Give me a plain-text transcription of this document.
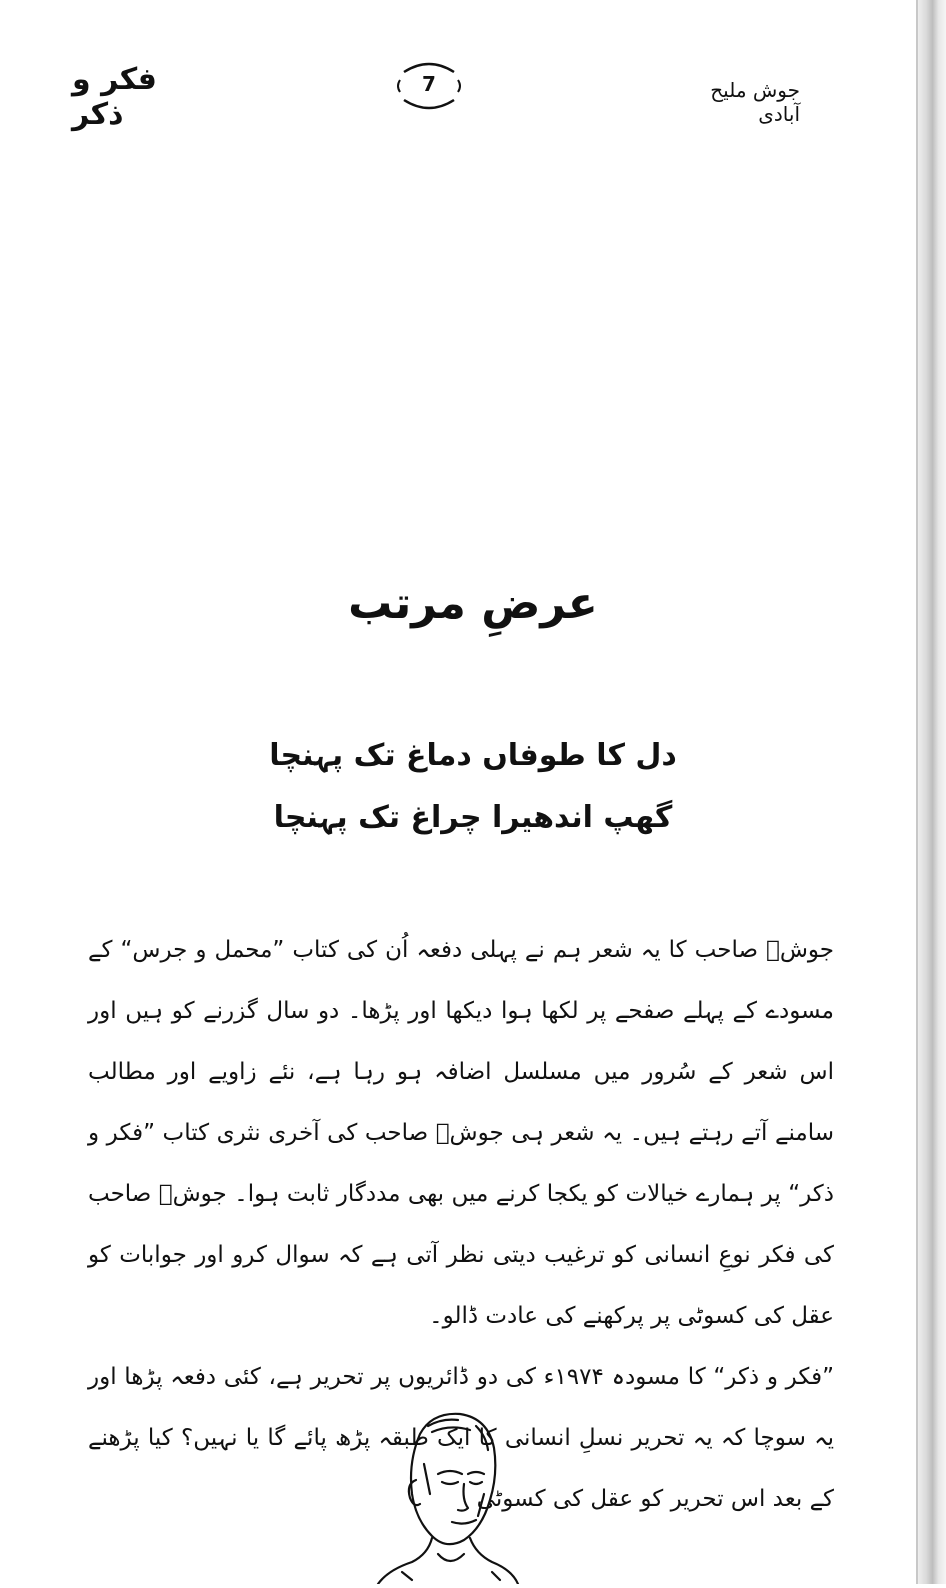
فکر و ذکر
7	جوش ملیح آبادی
عرضِ مرتب
دل کا طوفاں دماغ تک پہنچا
گھپ اندھیرا چراغ تک پہنچا

جوشؔ صاحب کا یہ شعر ہم نے پہلی دفعہ اُن کی کتاب ”محمل و جرس“ کے مسودے کے پہلے صفحے پر لکھا ہوا دیکھا اور پڑھا۔ دو سال گزرنے کو ہیں اور اس شعر کے سُرور میں مسلسل اضافہ ہو رہا ہے، نئے زاویے اور مطالب سامنے آتے رہتے ہیں۔ یہ شعر ہی جوشؔ صاحب کی آخری نثری کتاب ”فکر و ذکر“ پر ہمارے خیالات کو یکجا کرنے میں بھی مددگار ثابت ہوا۔ جوشؔ صاحب کی فکر نوعِ انسانی کو ترغیب دیتی نظر آتی ہے کہ سوال کرو اور جوابات کو عقل کی کسوٹی پر پرکھنے کی عادت ڈالو۔

”فکر و ذکر“ کا مسودہ ۱۹۷۴ء کی دو ڈائریوں پر تحریر ہے، کئی دفعہ پڑھا اور یہ سوچا کہ یہ تحریر نسلِ انسانی کا ایک طبقہ پڑھ پائے گا یا نہیں؟ کیا پڑھنے کے بعد اس تحریر کو عقل کی کسوٹی
